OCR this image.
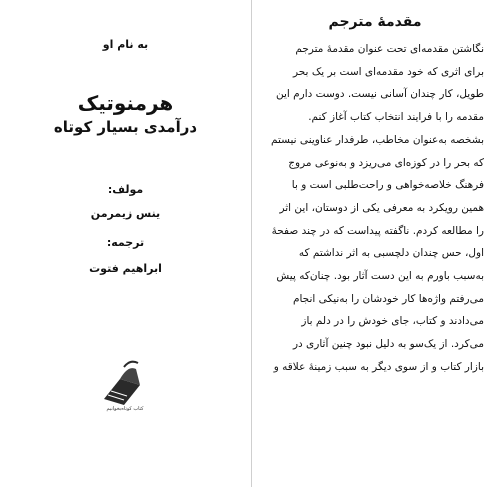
به نام او
هرمنوتیک
درآمدی بسیار کوتاه
مولف:
ینس زیمرمن
ترجمه:
ابراهیم فتوت
کتاب کوتاه‌بخوانیم
مقدمهٔ مترجم
نگاشتن مقدمه‌ای تحت عنوان مقدمهٔ مترجم
برای اثری که خود مقدمه‌ای است بر یک بحر
طویل، کار چندان آسانی نیست. دوست دارم این
مقدمه را با فرایند انتخاب کتاب آغاز کنم.
بشخصه به‌عنوان مخاطب، طرفدار عناوینی نیستم
که بحر را در کوزه‌ای می‌ریزد و به‌نوعی مروج
فرهنگ خلاصه‌خواهی و راحت‌طلبی است و با
همین رویکرد به معرفی یکی از دوستان، این اثر
را مطالعه کردم. ناگفته پیداست که در چند صفحهٔ
اول، حس چندان دلچسبی به اثر نداشتم که
به‌سبب باورم به این دست آثار بود. چنان‌که پیش
می‌رفتم واژه‌ها کار خودشان را به‌نیکی انجام
می‌دادند و کتاب، جای خودش را در دلم باز
می‌کرد. از یک‌سو به دلیل نبود چنین آثاری در
بازار کتاب و از سوی دیگر به سبب زمینهٔ علاقه و
